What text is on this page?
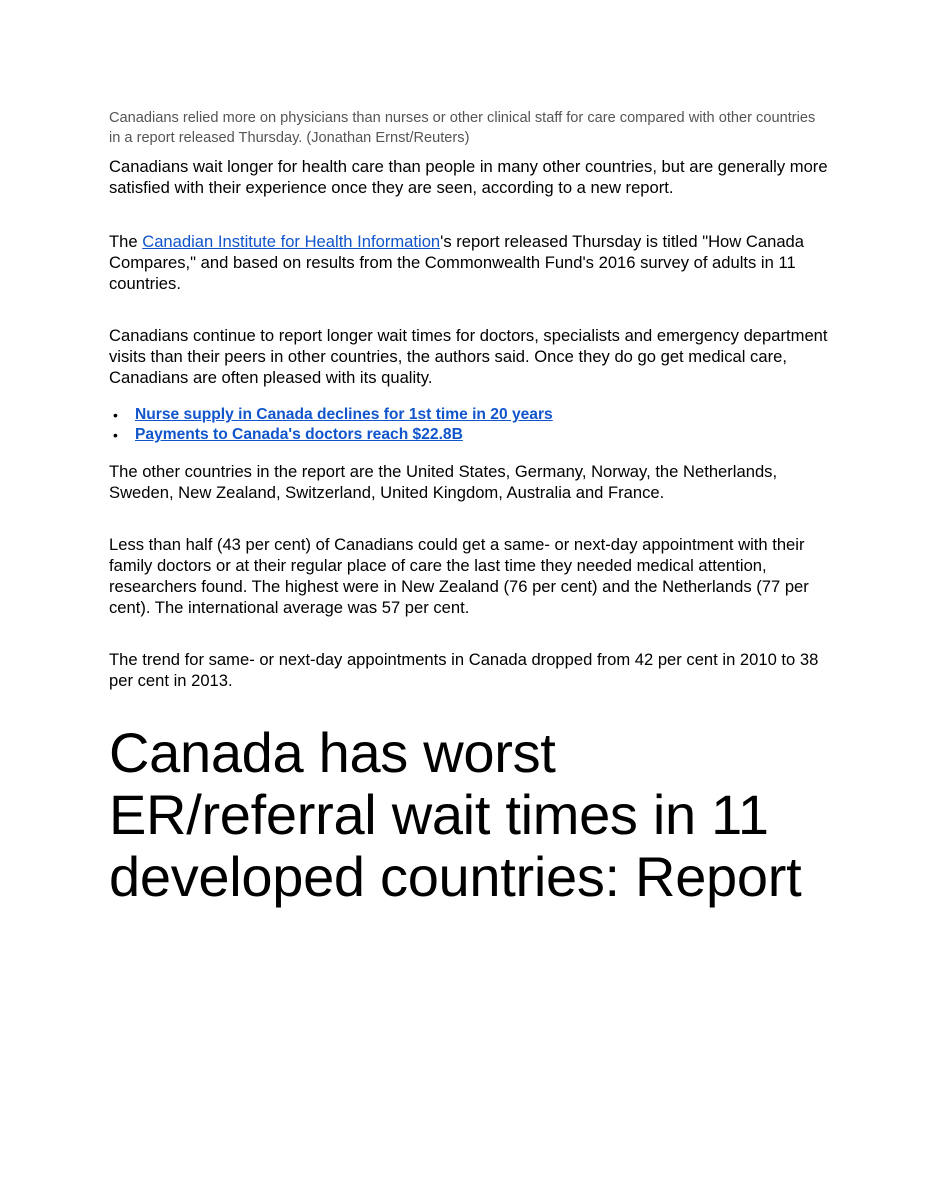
Canadians relied more on physicians than nurses or other clinical staff for care compared with other countries in a report released Thursday. (Jonathan Ernst/Reuters)

Canadians wait longer for health care than people in many other countries, but are generally more satisfied with their experience once they are seen, according to a new report.

The Canadian Institute for Health Information's report released Thursday is titled "How Canada Compares," and based on results from the Commonwealth Fund's 2016 survey of adults in 11 countries.

Canadians continue to report longer wait times for doctors, specialists and emergency department visits than their peers in other countries, the authors said. Once they do go get medical care, Canadians are often pleased with its quality.

• Nurse supply in Canada declines for 1st time in 20 years
• Payments to Canada's doctors reach $22.8B

The other countries in the report are the United States, Germany, Norway, the Netherlands, Sweden, New Zealand, Switzerland, United Kingdom, Australia and France.

Less than half (43 per cent) of Canadians could get a same- or next-day appointment with their family doctors or at their regular place of care the last time they needed medical attention, researchers found. The highest were in New Zealand (76 per cent) and the Netherlands (77 per cent). The international average was 57 per cent.

The trend for same- or next-day appointments in Canada dropped from 42 per cent in 2010 to 38 per cent in 2013.

Canada has worst ER/referral wait times in 11 developed countries: Report
